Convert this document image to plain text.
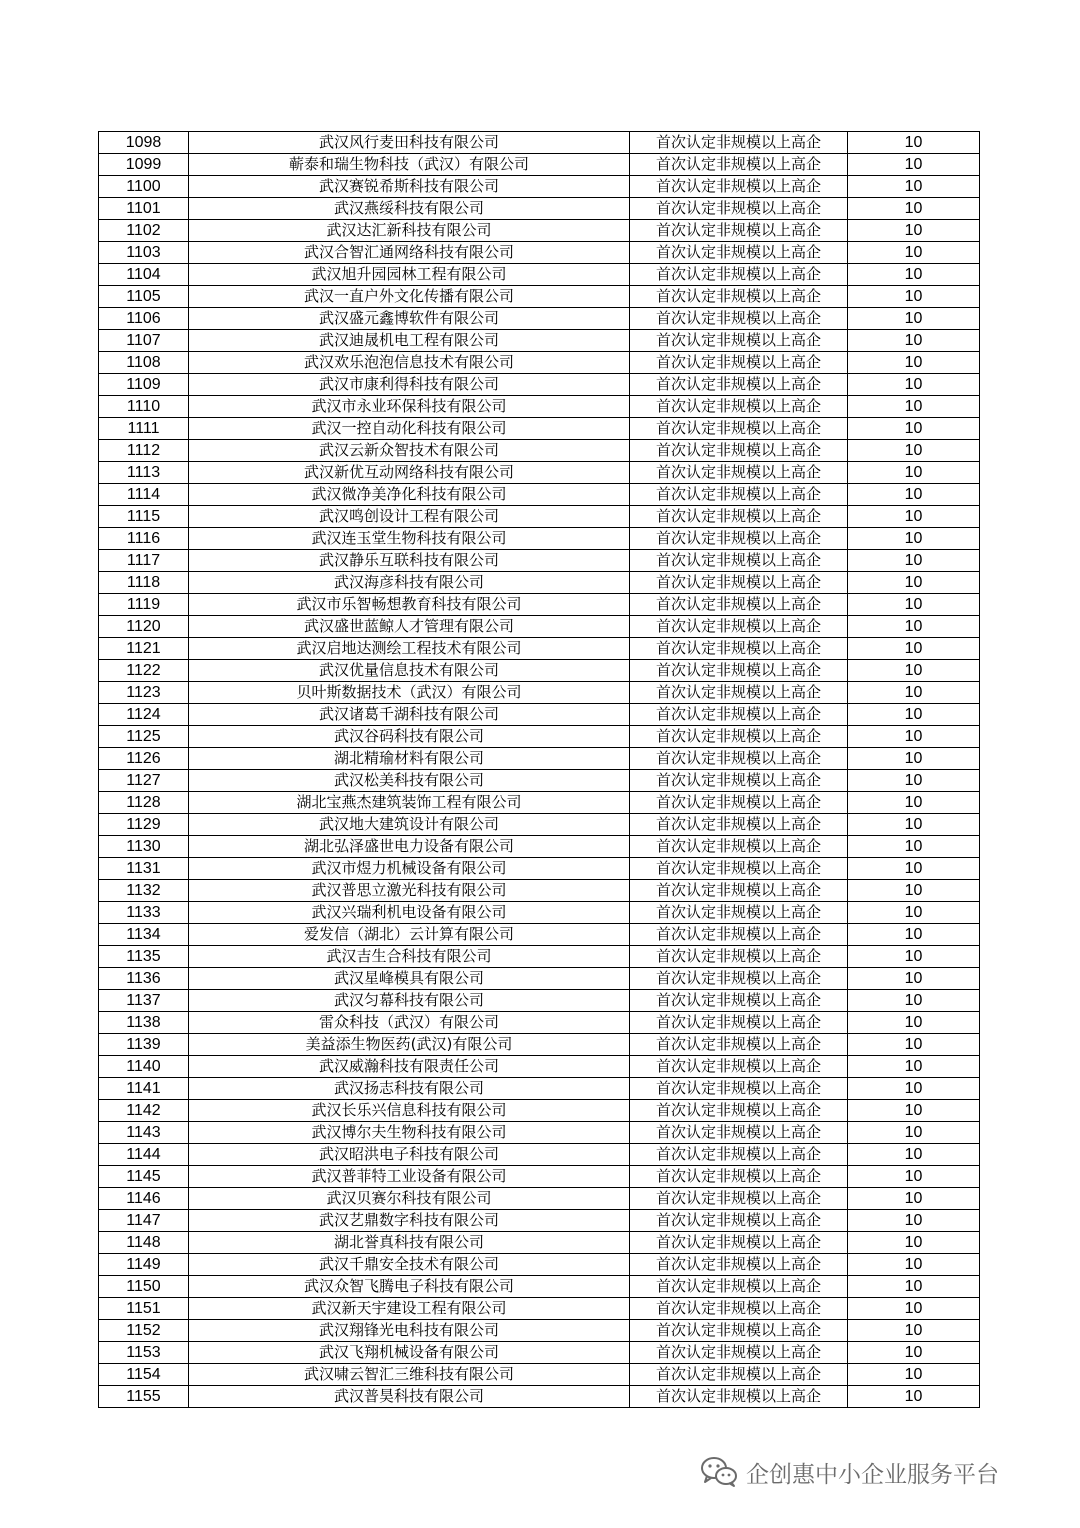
1098	武汉风行麦田科技有限公司	首次认定非规模以上高企	10
1099	蕲泰和瑞生物科技（武汉）有限公司	首次认定非规模以上高企	10
1100	武汉赛锐希斯科技有限公司	首次认定非规模以上高企	10
1101	武汉燕绥科技有限公司	首次认定非规模以上高企	10
1102	武汉达汇新科技有限公司	首次认定非规模以上高企	10
1103	武汉合智汇通网络科技有限公司	首次认定非规模以上高企	10
1104	武汉旭升园园林工程有限公司	首次认定非规模以上高企	10
1105	武汉一直户外文化传播有限公司	首次认定非规模以上高企	10
1106	武汉盛元鑫博软件有限公司	首次认定非规模以上高企	10
1107	武汉迪晟机电工程有限公司	首次认定非规模以上高企	10
1108	武汉欢乐泡泡信息技术有限公司	首次认定非规模以上高企	10
1109	武汉市康利得科技有限公司	首次认定非规模以上高企	10
1110	武汉市永业环保科技有限公司	首次认定非规模以上高企	10
1111	武汉一控自动化科技有限公司	首次认定非规模以上高企	10
1112	武汉云新众智技术有限公司	首次认定非规模以上高企	10
1113	武汉新优互动网络科技有限公司	首次认定非规模以上高企	10
1114	武汉微净美净化科技有限公司	首次认定非规模以上高企	10
1115	武汉鸣创设计工程有限公司	首次认定非规模以上高企	10
1116	武汉连玉堂生物科技有限公司	首次认定非规模以上高企	10
1117	武汉静乐互联科技有限公司	首次认定非规模以上高企	10
1118	武汉海彦科技有限公司	首次认定非规模以上高企	10
1119	武汉市乐智畅想教育科技有限公司	首次认定非规模以上高企	10
1120	武汉盛世蓝鲸人才管理有限公司	首次认定非规模以上高企	10
1121	武汉启地达测绘工程技术有限公司	首次认定非规模以上高企	10
1122	武汉优量信息技术有限公司	首次认定非规模以上高企	10
1123	贝叶斯数据技术（武汉）有限公司	首次认定非规模以上高企	10
1124	武汉诸葛千湖科技有限公司	首次认定非规模以上高企	10
1125	武汉谷码科技有限公司	首次认定非规模以上高企	10
1126	湖北精瑜材料有限公司	首次认定非规模以上高企	10
1127	武汉松美科技有限公司	首次认定非规模以上高企	10
1128	湖北宝燕杰建筑装饰工程有限公司	首次认定非规模以上高企	10
1129	武汉地大建筑设计有限公司	首次认定非规模以上高企	10
1130	湖北弘泽盛世电力设备有限公司	首次认定非规模以上高企	10
1131	武汉市煜力机械设备有限公司	首次认定非规模以上高企	10
1132	武汉普思立激光科技有限公司	首次认定非规模以上高企	10
1133	武汉兴瑞利机电设备有限公司	首次认定非规模以上高企	10
1134	爱发信（湖北）云计算有限公司	首次认定非规模以上高企	10
1135	武汉吉生合科技有限公司	首次认定非规模以上高企	10
1136	武汉星峰模具有限公司	首次认定非规模以上高企	10
1137	武汉匀幕科技有限公司	首次认定非规模以上高企	10
1138	雷众科技（武汉）有限公司	首次认定非规模以上高企	10
1139	美益添生物医药(武汉)有限公司	首次认定非规模以上高企	10
1140	武汉威瀚科技有限责任公司	首次认定非规模以上高企	10
1141	武汉扬志科技有限公司	首次认定非规模以上高企	10
1142	武汉长乐兴信息科技有限公司	首次认定非规模以上高企	10
1143	武汉博尔夫生物科技有限公司	首次认定非规模以上高企	10
1144	武汉昭洪电子科技有限公司	首次认定非规模以上高企	10
1145	武汉普菲特工业设备有限公司	首次认定非规模以上高企	10
1146	武汉贝赛尔科技有限公司	首次认定非规模以上高企	10
1147	武汉艺鼎数字科技有限公司	首次认定非规模以上高企	10
1148	湖北誉真科技有限公司	首次认定非规模以上高企	10
1149	武汉千鼎安全技术有限公司	首次认定非规模以上高企	10
1150	武汉众智飞腾电子科技有限公司	首次认定非规模以上高企	10
1151	武汉新天宇建设工程有限公司	首次认定非规模以上高企	10
1152	武汉翔锋光电科技有限公司	首次认定非规模以上高企	10
1153	武汉飞翔机械设备有限公司	首次认定非规模以上高企	10
1154	武汉啸云智汇三维科技有限公司	首次认定非规模以上高企	10
1155	武汉普昊科技有限公司	首次认定非规模以上高企	10
企创惠中小企业服务平台
